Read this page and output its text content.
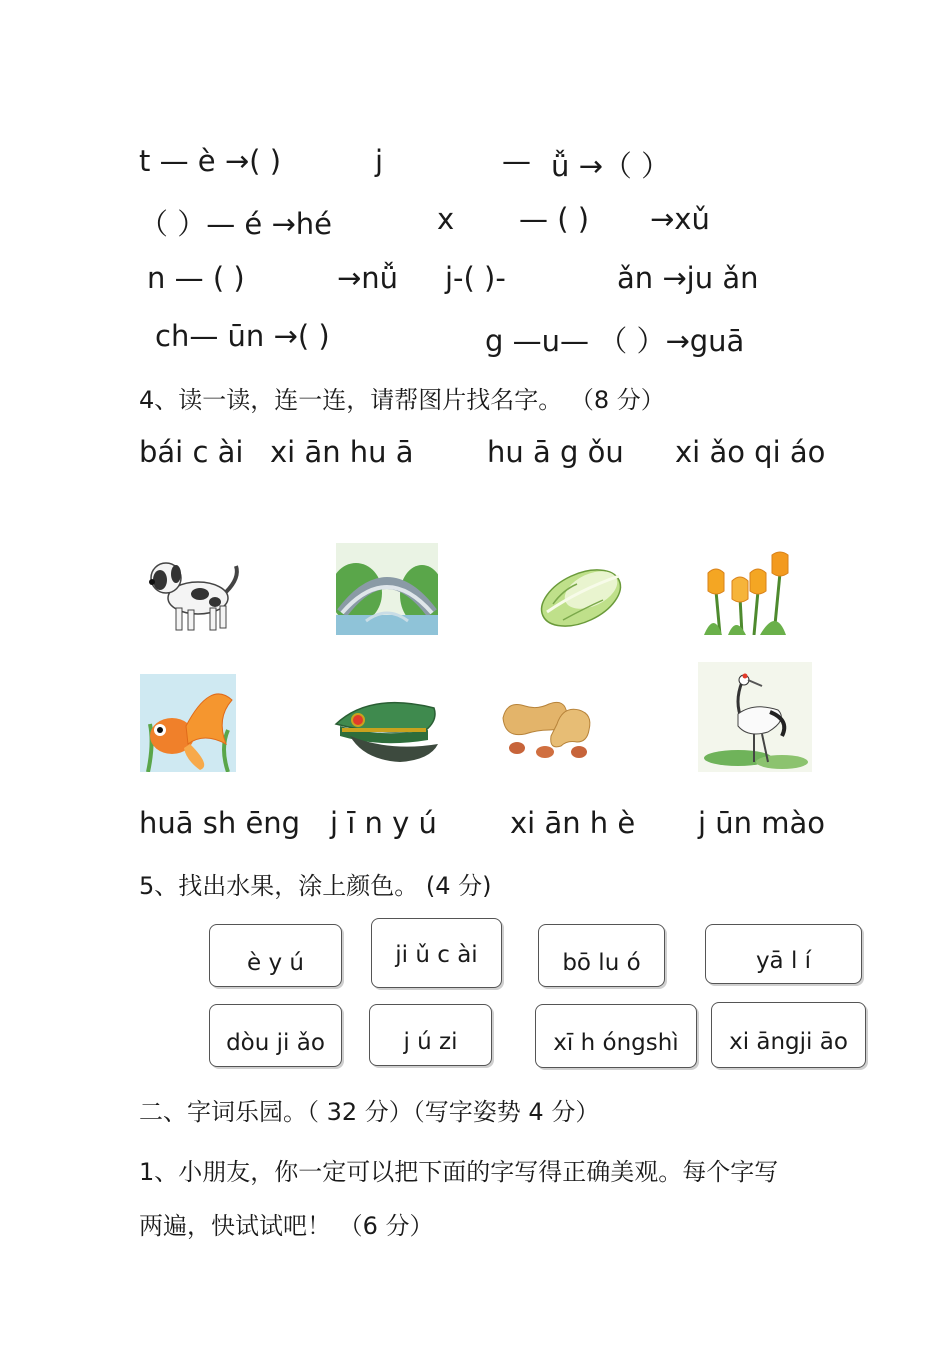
t — è →( )	j	— ǚ →（ ）
（ ）— é →hé	x — ( ) →xǔ
n — ( )	→nǚ j-( )-	ǎn →ju ǎn
ch— ūn →( )	g —u— （ ）→guā
4、读一读，连一连，请帮图片找名字。 （8 分）
bái c ài xi ān hu ā	hu ā g ǒu xi ǎo qi áo
huā sh ēng j ī n y ú	xi ān h è j ūn mào
5、找出水果，涂上颜色。 (4 分)
è y ú	ji ǔ c ài	bō lu ó	yā l í
dòu ji ǎo	j ú zi	xī h óngshì xi āngji āo
二、字词乐园。（ 32 分）（写字姿势 4 分）
1、小朋友，你一定可以把下面的字写得正确美观。每个字写
两遍，快试试吧！ （6 分）
